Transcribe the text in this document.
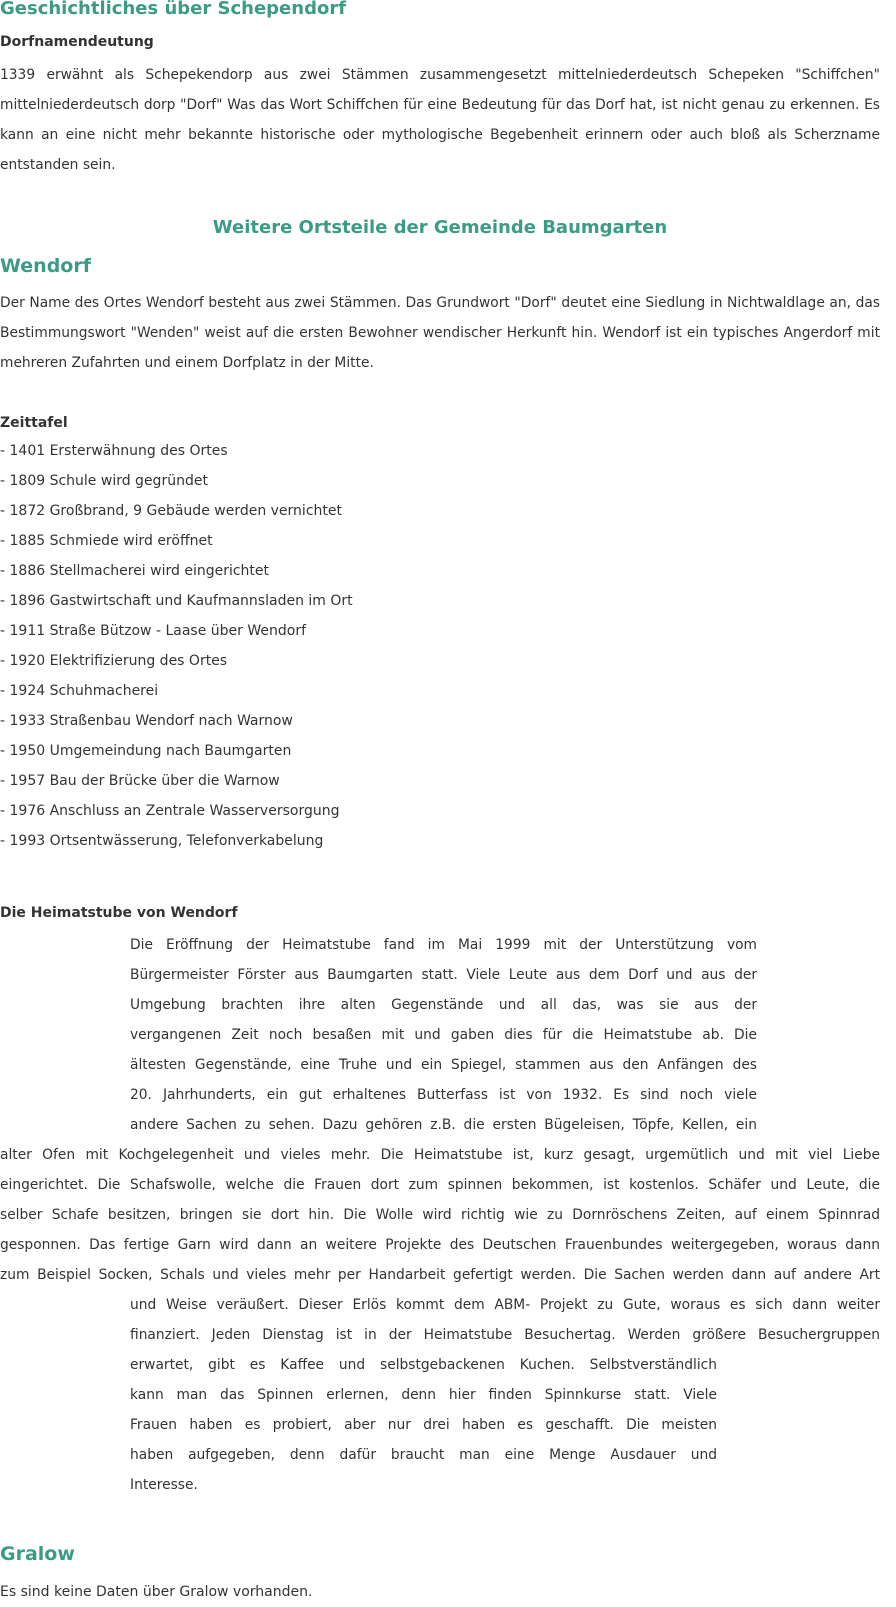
Geschichtliches über Schependorf
Dorfnamendeutung

1339 erwähnt als Schepekendorp aus zwei Stämmen zusammengesetzt mittelniederdeutsch Schepeken "Schiffchen" mittelniederdeutsch dorp "Dorf" Was das Wort Schiffchen für eine Bedeutung für das Dorf hat, ist nicht genau zu erkennen. Es kann an eine nicht mehr bekannte historische oder mythologische Begebenheit erinnern oder auch bloß als Scherzname entstanden sein.

Weitere Ortsteile der Gemeinde Baumgarten
Wendorf

Der Name des Ortes Wendorf besteht aus zwei Stämmen. Das Grundwort "Dorf" deutet eine Siedlung in Nichtwaldlage an, das Bestimmungswort "Wenden" weist auf die ersten Bewohner wendischer Herkunft hin. Wendorf ist ein typisches Angerdorf mit mehreren Zufahrten und einem Dorfplatz in der Mitte.

Zeittafel
- 1401 Ersterwähnung des Ortes
- 1809 Schule wird gegründet
- 1872 Großbrand, 9 Gebäude werden vernichtet
- 1885 Schmiede wird eröffnet
- 1886 Stellmacherei wird eingerichtet
- 1896 Gastwirtschaft und Kaufmannsladen im Ort
- 1911 Straße Bützow - Laase über Wendorf
- 1920 Elektrifizierung des Ortes
- 1924 Schuhmacherei
- 1933 Straßenbau Wendorf nach Warnow
- 1950 Umgemeindung nach Baumgarten
- 1957 Bau der Brücke über die Warnow
- 1976 Anschluss an Zentrale Wasserversorgung
- 1993 Ortsentwässerung, Telefonverkabelung
Die Heimatstube von Wendorf

Die Eröffnung der Heimatstube fand im Mai 1999 mit der Unterstützung vom

Bürgermeister Förster aus Baumgarten statt. Viele Leute aus dem Dorf und aus der

Umgebung brachten ihre alten Gegenstände und all das, was sie aus der

vergangenen Zeit noch besaßen mit und gaben dies für die Heimatstube ab. Die

ältesten Gegenstände, eine Truhe und ein Spiegel, stammen aus den Anfängen des

20. Jahrhunderts, ein gut erhaltenes Butterfass ist von 1932. Es sind noch viele

andere Sachen zu sehen. Dazu gehören z.B. die ersten Bügeleisen, Töpfe, Kellen, ein

alter Ofen mit Kochgelegenheit und vieles mehr. Die Heimatstube ist, kurz gesagt, urgemütlich und mit viel Liebe

eingerichtet. Die Schafswolle, welche die Frauen dort zum spinnen bekommen, ist kostenlos. Schäfer und Leute, die

selber Schafe besitzen, bringen sie dort hin. Die Wolle wird richtig wie zu Dornröschens Zeiten, auf einem Spinnrad

gesponnen. Das fertige Garn wird dann an weitere Projekte des Deutschen Frauenbundes weitergegeben, woraus dann

zum Beispiel Socken, Schals und vieles mehr per Handarbeit gefertigt werden. Die Sachen werden dann auf andere Art

und Weise veräußert. Dieser Erlös kommt dem ABM- Projekt zu Gute, woraus es sich dann weiter

finanziert. Jeden Dienstag ist in der Heimatstube Besuchertag. Werden größere Besuchergruppen

erwartet, gibt es Kaffee und selbstgebackenen Kuchen. Selbstverständlich

kann man das Spinnen erlernen, denn hier finden Spinnkurse statt. Viele

Frauen haben es probiert, aber nur drei haben es geschafft. Die meisten

haben aufgegeben, denn dafür braucht man eine Menge Ausdauer und

Interesse.

Gralow

Es sind keine Daten über Gralow vorhanden.
